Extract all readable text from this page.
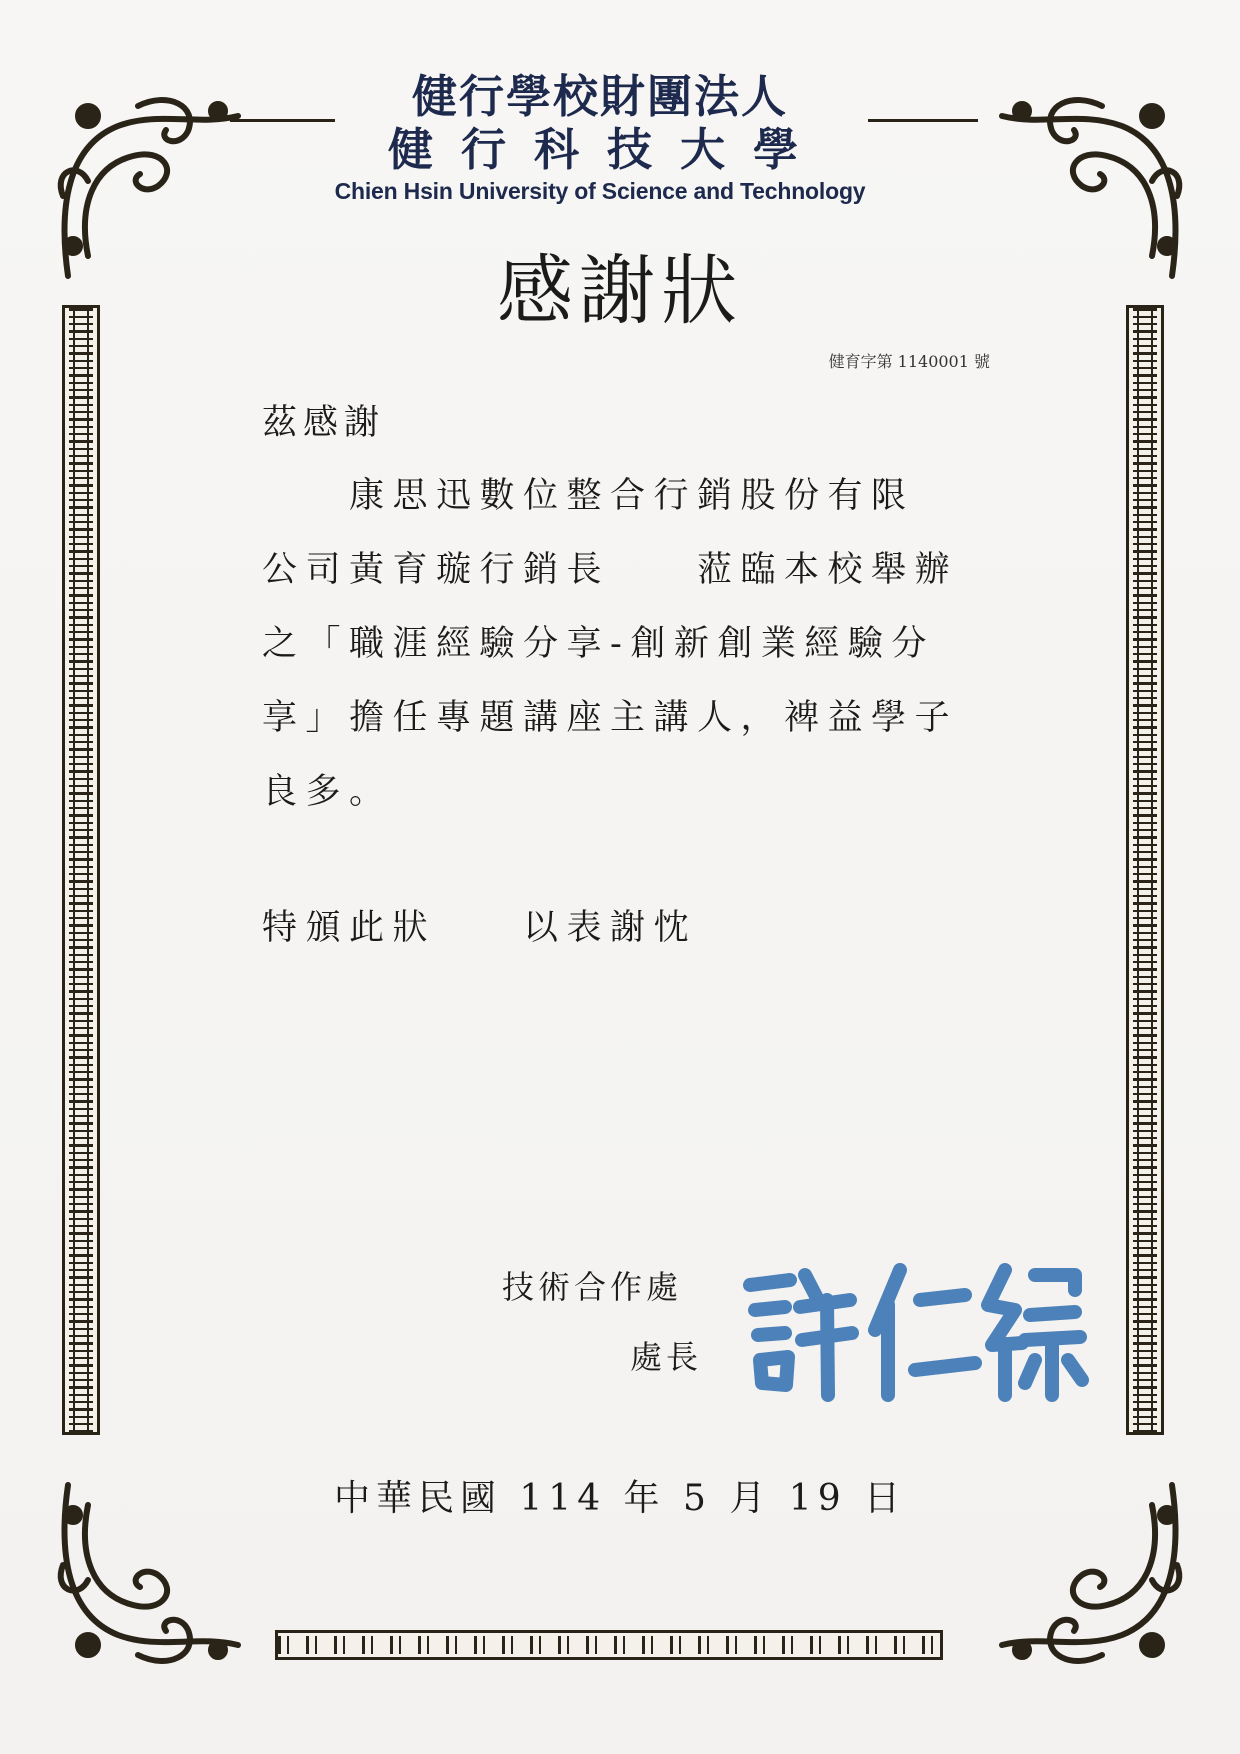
健行學校財團法人
健行科技大學
Chien Hsin University of Science and Technology
感謝狀
健育字第 1140001 號
茲感謝
　　康思迅數位整合行銷股份有限
公司黃育璇行銷長　　蒞臨本校舉辦
之「職涯經驗分享-創新創業經驗分
享」擔任專題講座主講人，裨益學子
良多。
特頒此狀　　以表謝忱
技術合作處
處長
中華民國 114 年 5 月 19 日
